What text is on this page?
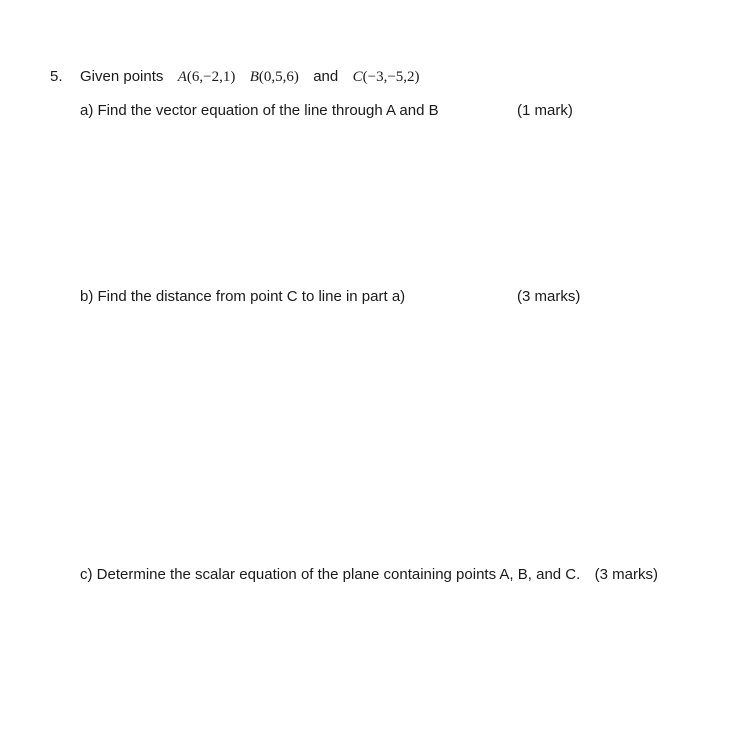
5. Given points A(6,−2,1) B(0,5,6) and C(−3,−5,2)
a) Find the vector equation of the line through A and B	(1 mark)
b) Find the distance from point C to line in part a)	(3 marks)
c) Determine the scalar equation of the plane containing points A, B, and C. (3 marks)
